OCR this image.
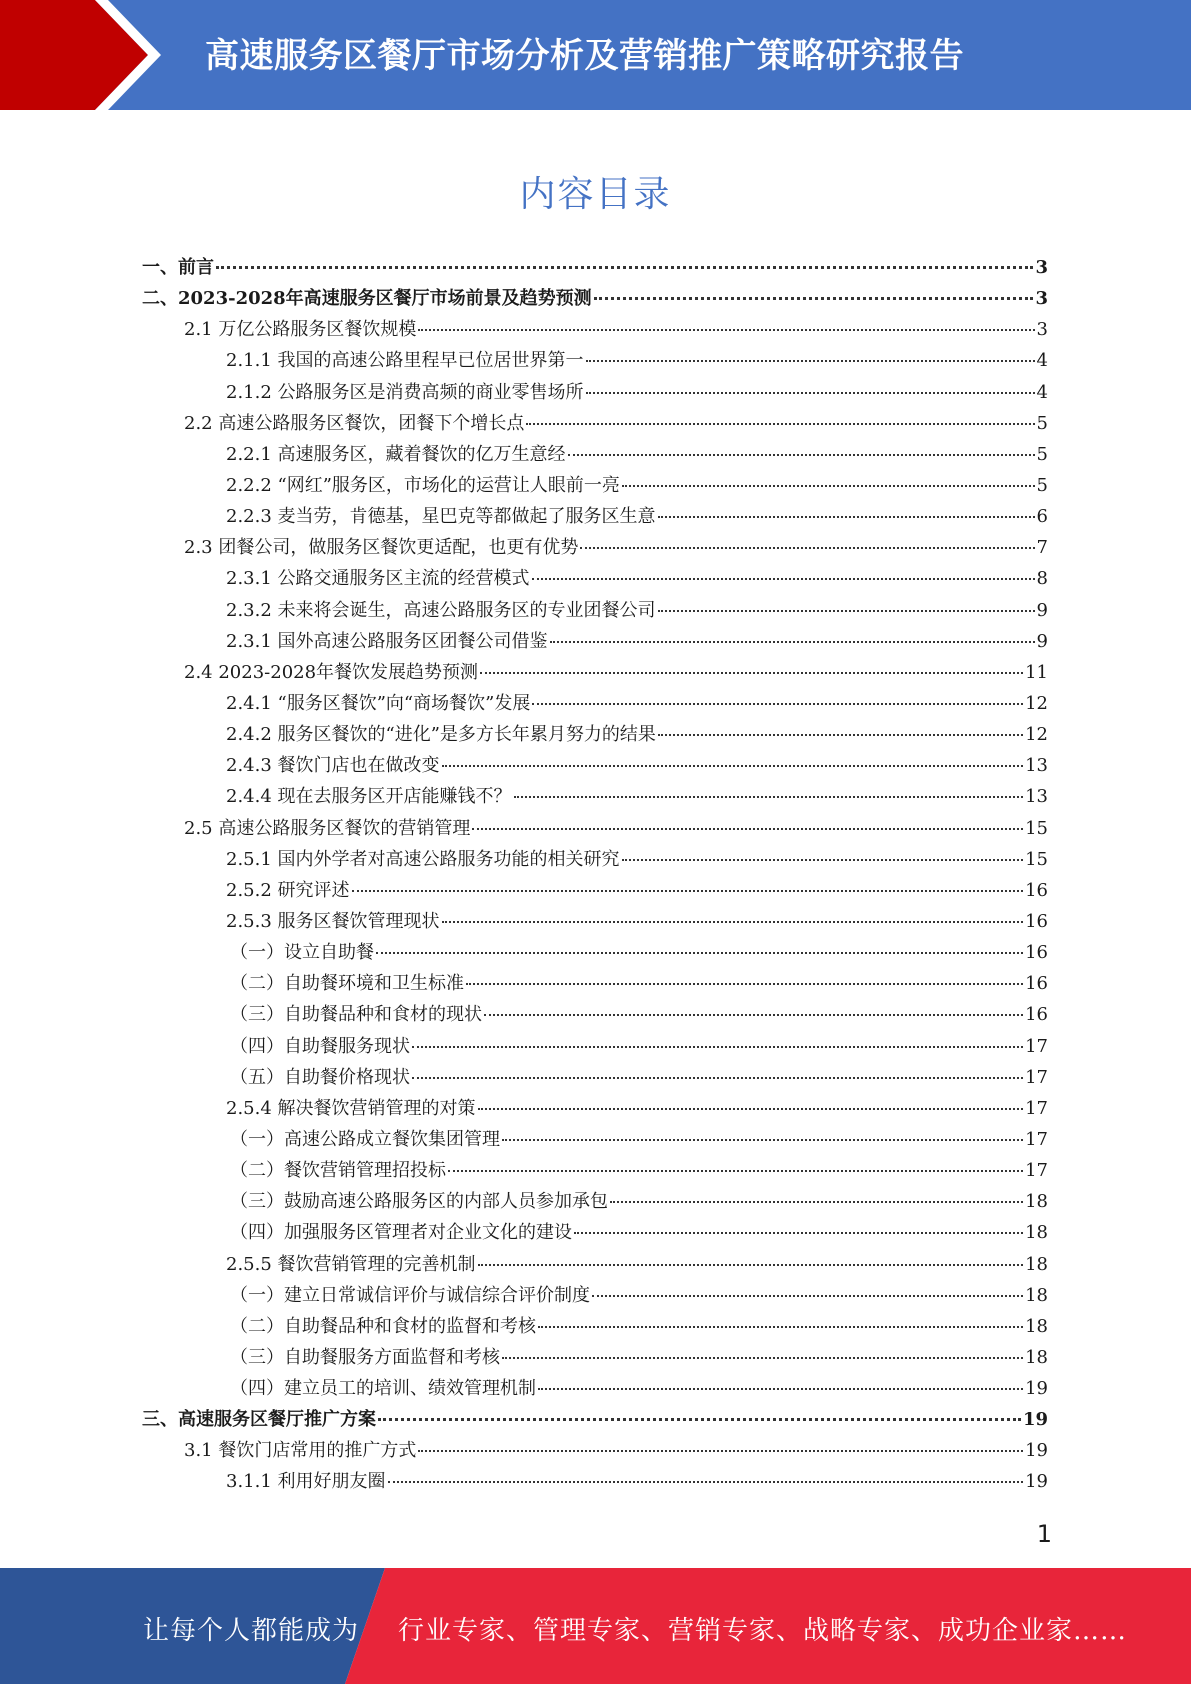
高速服务区餐厅市场分析及营销推广策略研究报告
内容目录
一、前言	3
二、2023-2028年高速服务区餐厅市场前景及趋势预测	3
2.1 万亿公路服务区餐饮规模	3
2.1.1 我国的高速公路里程早已位居世界第一	4
2.1.2 公路服务区是消费高频的商业零售场所	4
2.2 高速公路服务区餐饮，团餐下个增长点	5
2.2.1 高速服务区，藏着餐饮的亿万生意经	5
2.2.2 “网红”服务区，市场化的运营让人眼前一亮	5
2.2.3 麦当劳，肯德基，星巴克等都做起了服务区生意	6
2.3 团餐公司，做服务区餐饮更适配，也更有优势	7
2.3.1 公路交通服务区主流的经营模式	8
2.3.2 未来将会诞生，高速公路服务区的专业团餐公司	9
2.3.1 国外高速公路服务区团餐公司借鉴	9
2.4 2023-2028年餐饮发展趋势预测	11
2.4.1 “服务区餐饮”向“商场餐饮”发展	12
2.4.2 服务区餐饮的“进化”是多方长年累月努力的结果	12
2.4.3 餐饮门店也在做改变	13
2.4.4 现在去服务区开店能赚钱不？	13
2.5 高速公路服务区餐饮的营销管理	15
2.5.1 国内外学者对高速公路服务功能的相关研究	15
2.5.2 研究评述	16
2.5.3 服务区餐饮管理现状	16
（一）设立自助餐	16
（二）自助餐环境和卫生标准	16
（三）自助餐品种和食材的现状	16
（四）自助餐服务现状	17
（五）自助餐价格现状	17
2.5.4 解决餐饮营销管理的对策	17
（一）高速公路成立餐饮集团管理	17
（二）餐饮营销管理招投标	17
（三）鼓励高速公路服务区的内部人员参加承包	18
（四）加强服务区管理者对企业文化的建设	18
2.5.5 餐饮营销管理的完善机制	18
（一）建立日常诚信评价与诚信综合评价制度	18
（二）自助餐品种和食材的监督和考核	18
（三）自助餐服务方面监督和考核	18
（四）建立员工的培训、绩效管理机制	19
三、高速服务区餐厅推广方案	19
3.1 餐饮门店常用的推广方式	19
3.1.1 利用好朋友圈	19
1
让每个人都能成为 行业专家、管理专家、营销专家、战略专家、成功企业家……
